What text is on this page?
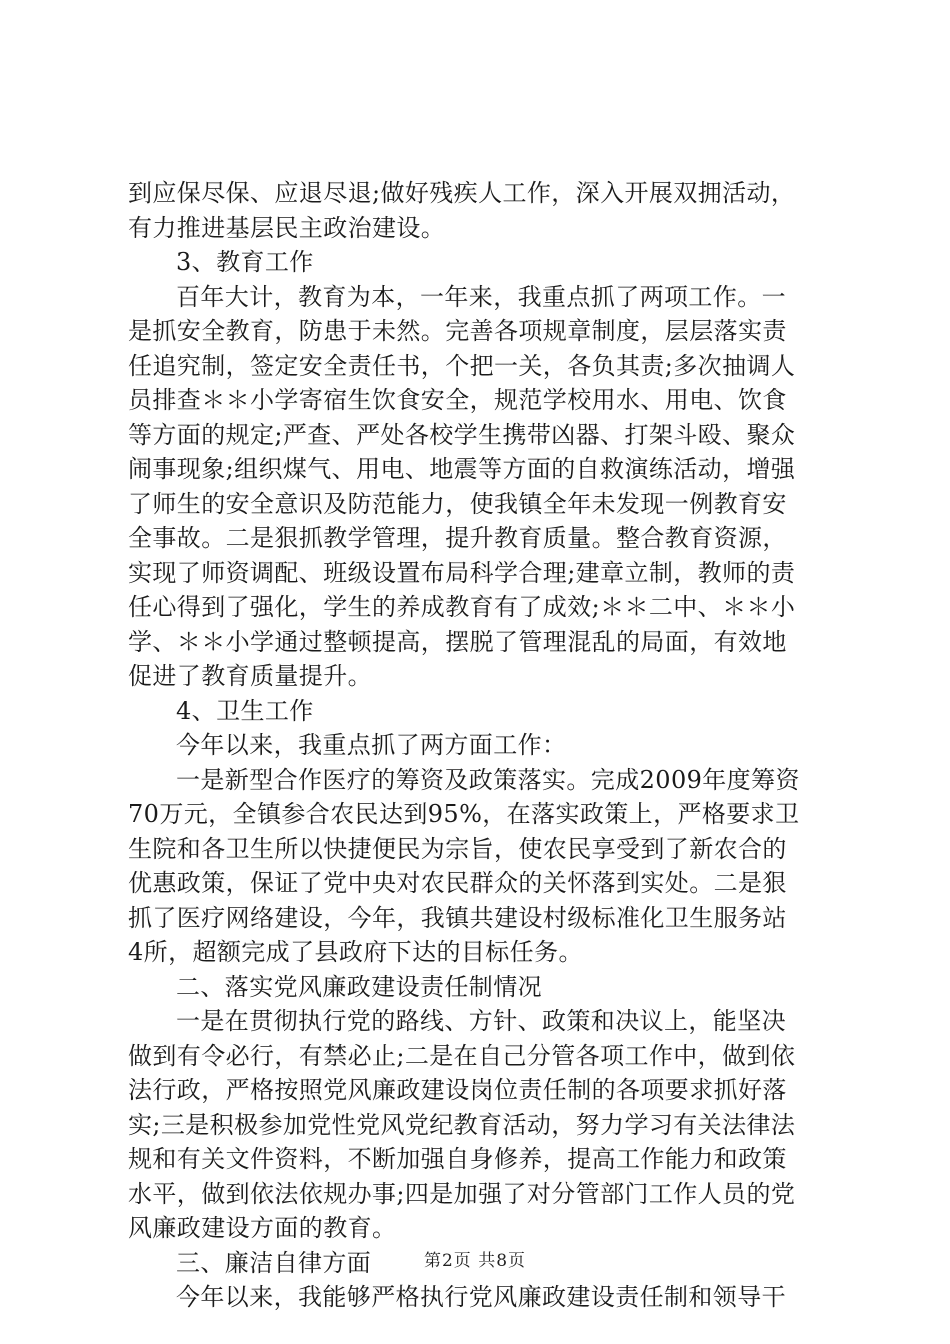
到应保尽保、应退尽退;做好残疾人工作，深入开展双拥活动，
有力推进基层民主政治建设。
3、教育工作
百年大计，教育为本，一年来，我重点抓了两项工作。一
是抓安全教育，防患于未然。完善各项规章制度，层层落实责
任追究制，签定安全责任书，个把一关，各负其责;多次抽调人
员排查＊＊小学寄宿生饮食安全，规范学校用水、用电、饮食
等方面的规定;严查、严处各校学生携带凶器、打架斗殴、聚众
闹事现象;组织煤气、用电、地震等方面的自救演练活动，增强
了师生的安全意识及防范能力，使我镇全年未发现一例教育安
全事故。二是狠抓教学管理，提升教育质量。整合教育资源，
实现了师资调配、班级设置布局科学合理;建章立制，教师的责
任心得到了强化，学生的养成教育有了成效;＊＊二中、＊＊小
学、＊＊小学通过整顿提高，摆脱了管理混乱的局面，有效地
促进了教育质量提升。
4、卫生工作
今年以来，我重点抓了两方面工作：
一是新型合作医疗的筹资及政策落实。完成2009年度筹资
70万元，全镇参合农民达到95%，在落实政策上，严格要求卫
生院和各卫生所以快捷便民为宗旨，使农民享受到了新农合的
优惠政策，保证了党中央对农民群众的关怀落到实处。二是狠
抓了医疗网络建设，今年，我镇共建设村级标准化卫生服务站
4所，超额完成了县政府下达的目标任务。
二、落实党风廉政建设责任制情况
一是在贯彻执行党的路线、方针、政策和决议上，能坚决
做到有令必行，有禁必止;二是在自己分管各项工作中，做到依
法行政，严格按照党风廉政建设岗位责任制的各项要求抓好落
实;三是积极参加党性党风党纪教育活动，努力学习有关法律法
规和有关文件资料，不断加强自身修养，提高工作能力和政策
水平，做到依法依规办事;四是加强了对分管部门工作人员的党
风廉政建设方面的教育。
三、廉洁自律方面
今年以来，我能够严格执行党风廉政建设责任制和领导干
第2页 共8页
